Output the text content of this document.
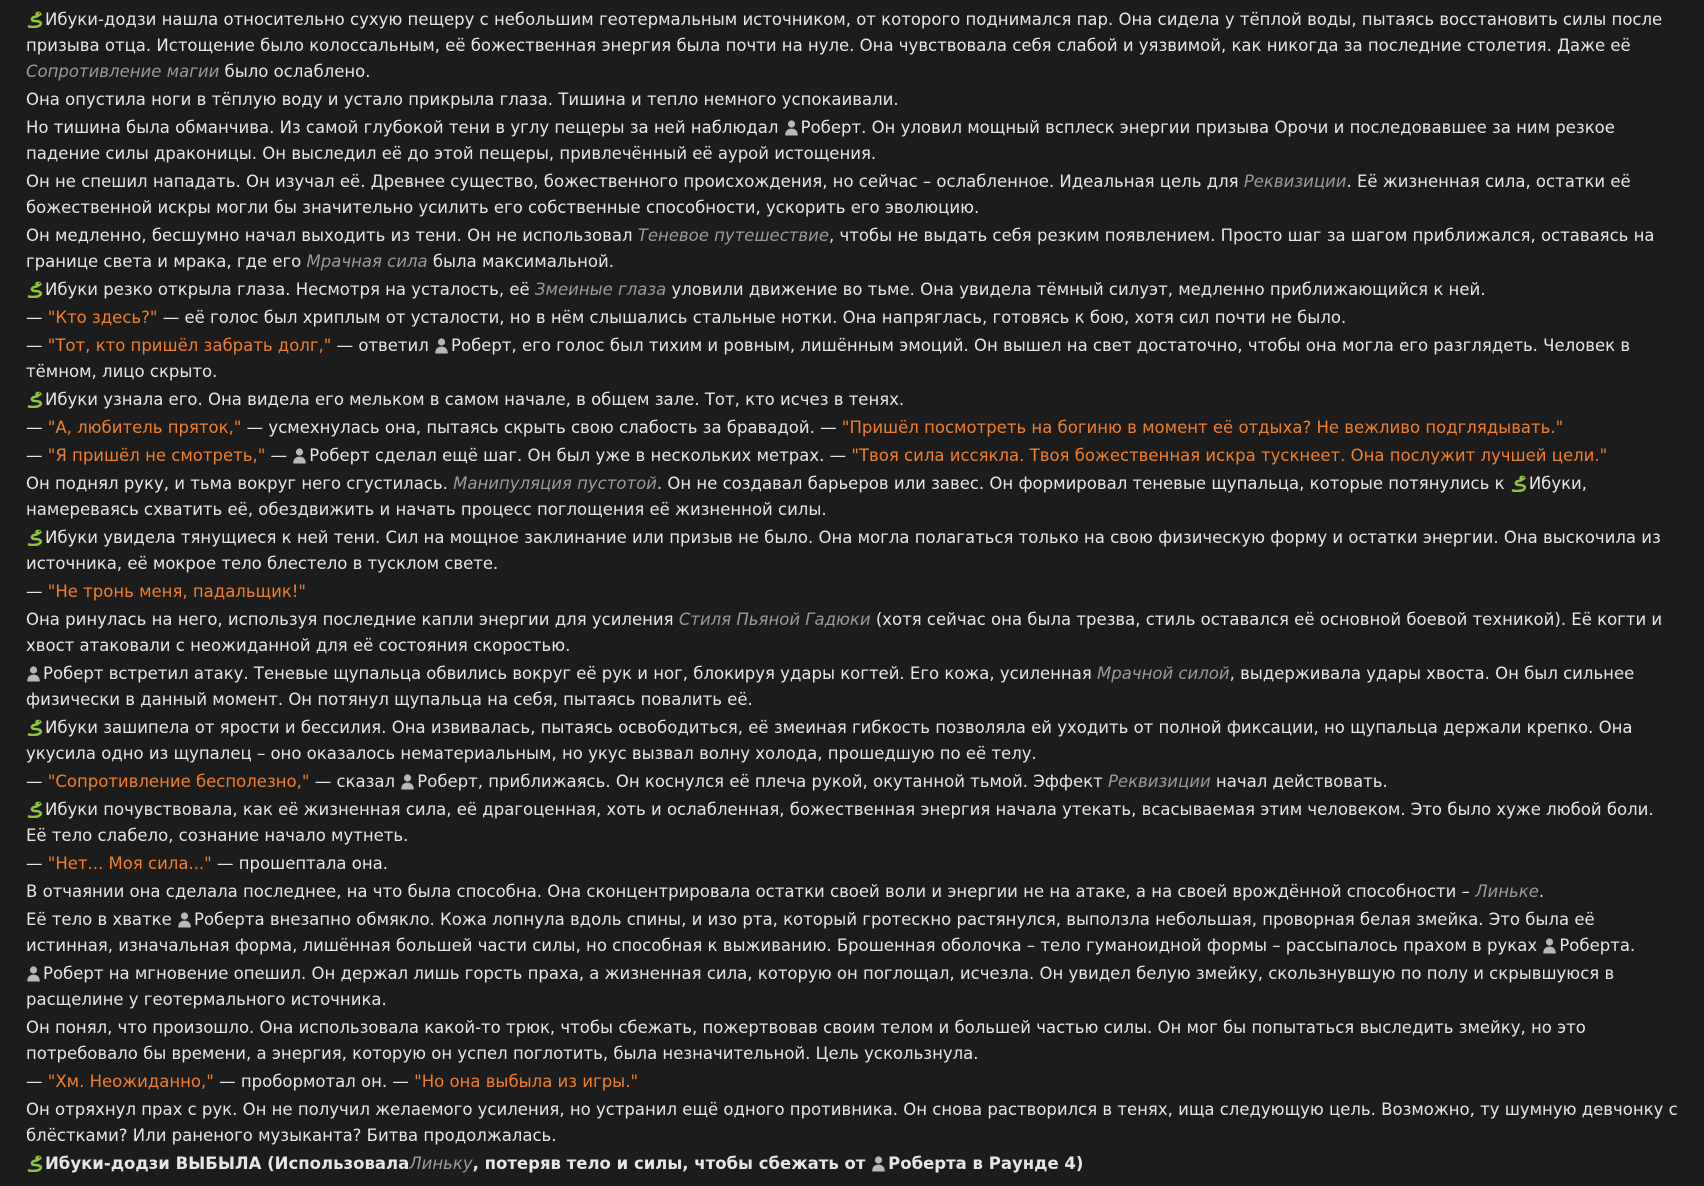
Ибуки-додзи нашла относительно сухую пещеру с небольшим геотермальным источником, от которого поднимался пар. Она сидела у тёплой воды, пытаясь восстановить силы после призыва отца. Истощение было колоссальным, её божественная энергия была почти на нуле. Она чувствовала себя слабой и уязвимой, как никогда за последние столетия. Даже её Сопротивление магии было ослаблено.
Она опустила ноги в тёплую воду и устало прикрыла глаза. Тишина и тепло немного успокаивали.
Но тишина была обманчива. Из самой глубокой тени в углу пещеры за ней наблюдал
Роберт. Он уловил мощный всплеск энергии призыва Орочи и последовавшее за ним резкое падение силы драконицы. Он выследил её до этой пещеры, привлечённый её аурой истощения.
Он не спешил нападать. Он изучал её. Древнее существо, божественного происхождения, но сейчас – ослабленное. Идеальная цель для Реквизиции. Её жизненная сила, остатки её божественной искры могли бы значительно усилить его собственные способности, ускорить его эволюцию.
Он медленно, бесшумно начал выходить из тени. Он не использовал Теневое путешествие, чтобы не выдать себя резким появлением. Просто шаг за шагом приближался, оставаясь на границе света и мрака, где его Мрачная сила была максимальной.
Ибуки резко открыла глаза. Несмотря на усталость, её Змеиные глаза уловили движение во тьме. Она увидела тёмный силуэт, медленно приближающийся к ней.
— "Кто здесь?" — её голос был хриплым от усталости, но в нём слышались стальные нотки. Она напряглась, готовясь к бою, хотя сил почти не было.
— "Тот, кто пришёл забрать долг," — ответил
Роберт, его голос был тихим и ровным, лишённым эмоций. Он вышел на свет достаточно, чтобы она могла его разглядеть. Человек в тёмном, лицо скрыто.
Ибуки узнала его. Она видела его мельком в самом начале, в общем зале. Тот, кто исчез в тенях.
— "А, любитель пряток," — усмехнулась она, пытаясь скрыть свою слабость за бравадой. — "Пришёл посмотреть на богиню в момент её отдыха? Не вежливо подглядывать."
— "Я пришёл не смотреть," —
Роберт сделал ещё шаг. Он был уже в нескольких метрах. — "Твоя сила иссякла. Твоя божественная искра тускнеет. Она послужит лучшей цели."
Он поднял руку, и тьма вокруг него сгустилась. Манипуляция пустотой. Он не создавал барьеров или завес. Он формировал теневые щупальца, которые потянулись к
Ибуки, намереваясь схватить её, обездвижить и начать процесс поглощения её жизненной силы.
Ибуки увидела тянущиеся к ней тени. Сил на мощное заклинание или призыв не было. Она могла полагаться только на свою физическую форму и остатки энергии. Она выскочила из источника, её мокрое тело блестело в тусклом свете.
— "Не тронь меня, падальщик!"
Она ринулась на него, используя последние капли энергии для усиления Стиля Пьяной Гадюки (хотя сейчас она была трезва, стиль оставался её основной боевой техникой). Её когти и хвост атаковали с неожиданной для её состояния скоростью.
Роберт встретил атаку. Теневые щупальца обвились вокруг её рук и ног, блокируя удары когтей. Его кожа, усиленная Мрачной силой, выдерживала удары хвоста. Он был сильнее физически в данный момент. Он потянул щупальца на себя, пытаясь повалить её.
Ибуки зашипела от ярости и бессилия. Она извивалась, пытаясь освободиться, её змеиная гибкость позволяла ей уходить от полной фиксации, но щупальца держали крепко. Она укусила одно из щупалец – оно оказалось нематериальным, но укус вызвал волну холода, прошедшую по её телу.
— "Сопротивление бесполезно," — сказал
Роберт, приближаясь. Он коснулся её плеча рукой, окутанной тьмой. Эффект Реквизиции начал действовать.
Ибуки почувствовала, как её жизненная сила, её драгоценная, хоть и ослабленная, божественная энергия начала утекать, всасываемая этим человеком. Это было хуже любой боли. Её тело слабело, сознание начало мутнеть.
— "Нет... Моя сила..." — прошептала она.
В отчаянии она сделала последнее, на что была способна. Она сконцентрировала остатки своей воли и энергии не на атаке, а на своей врождённой способности – Линьке.
Её тело в хватке
Роберта внезапно обмякло. Кожа лопнула вдоль спины, и изо рта, который гротескно растянулся, выползла небольшая, проворная белая змейка. Это была её истинная, изначальная форма, лишённая большей части силы, но способная к выживанию. Брошенная оболочка – тело гуманоидной формы – рассыпалось прахом в руках
Роберта.
Роберт на мгновение опешил. Он держал лишь горсть праха, а жизненная сила, которую он поглощал, исчезла. Он увидел белую змейку, скользнувшую по полу и скрывшуюся в расщелине у геотермального источника.
Он понял, что произошло. Она использовала какой-то трюк, чтобы сбежать, пожертвовав своим телом и большей частью силы. Он мог бы попытаться выследить змейку, но это потребовало бы времени, а энергия, которую он успел поглотить, была незначительной. Цель ускользнула.
— "Хм. Неожиданно," — пробормотал он. — "Но она выбыла из игры."
Он отряхнул прах с рук. Он не получил желаемого усиления, но устранил ещё одного противника. Он снова растворился в тенях, ища следующую цель. Возможно, ту шумную девчонку с блёстками? Или раненого музыканта? Битва продолжалась.
Ибуки-додзи ВЫБЫЛА (ИспользовалаЛиньку, потеряв тело и силы, чтобы сбежать от
Роберта в Раунде 4)
